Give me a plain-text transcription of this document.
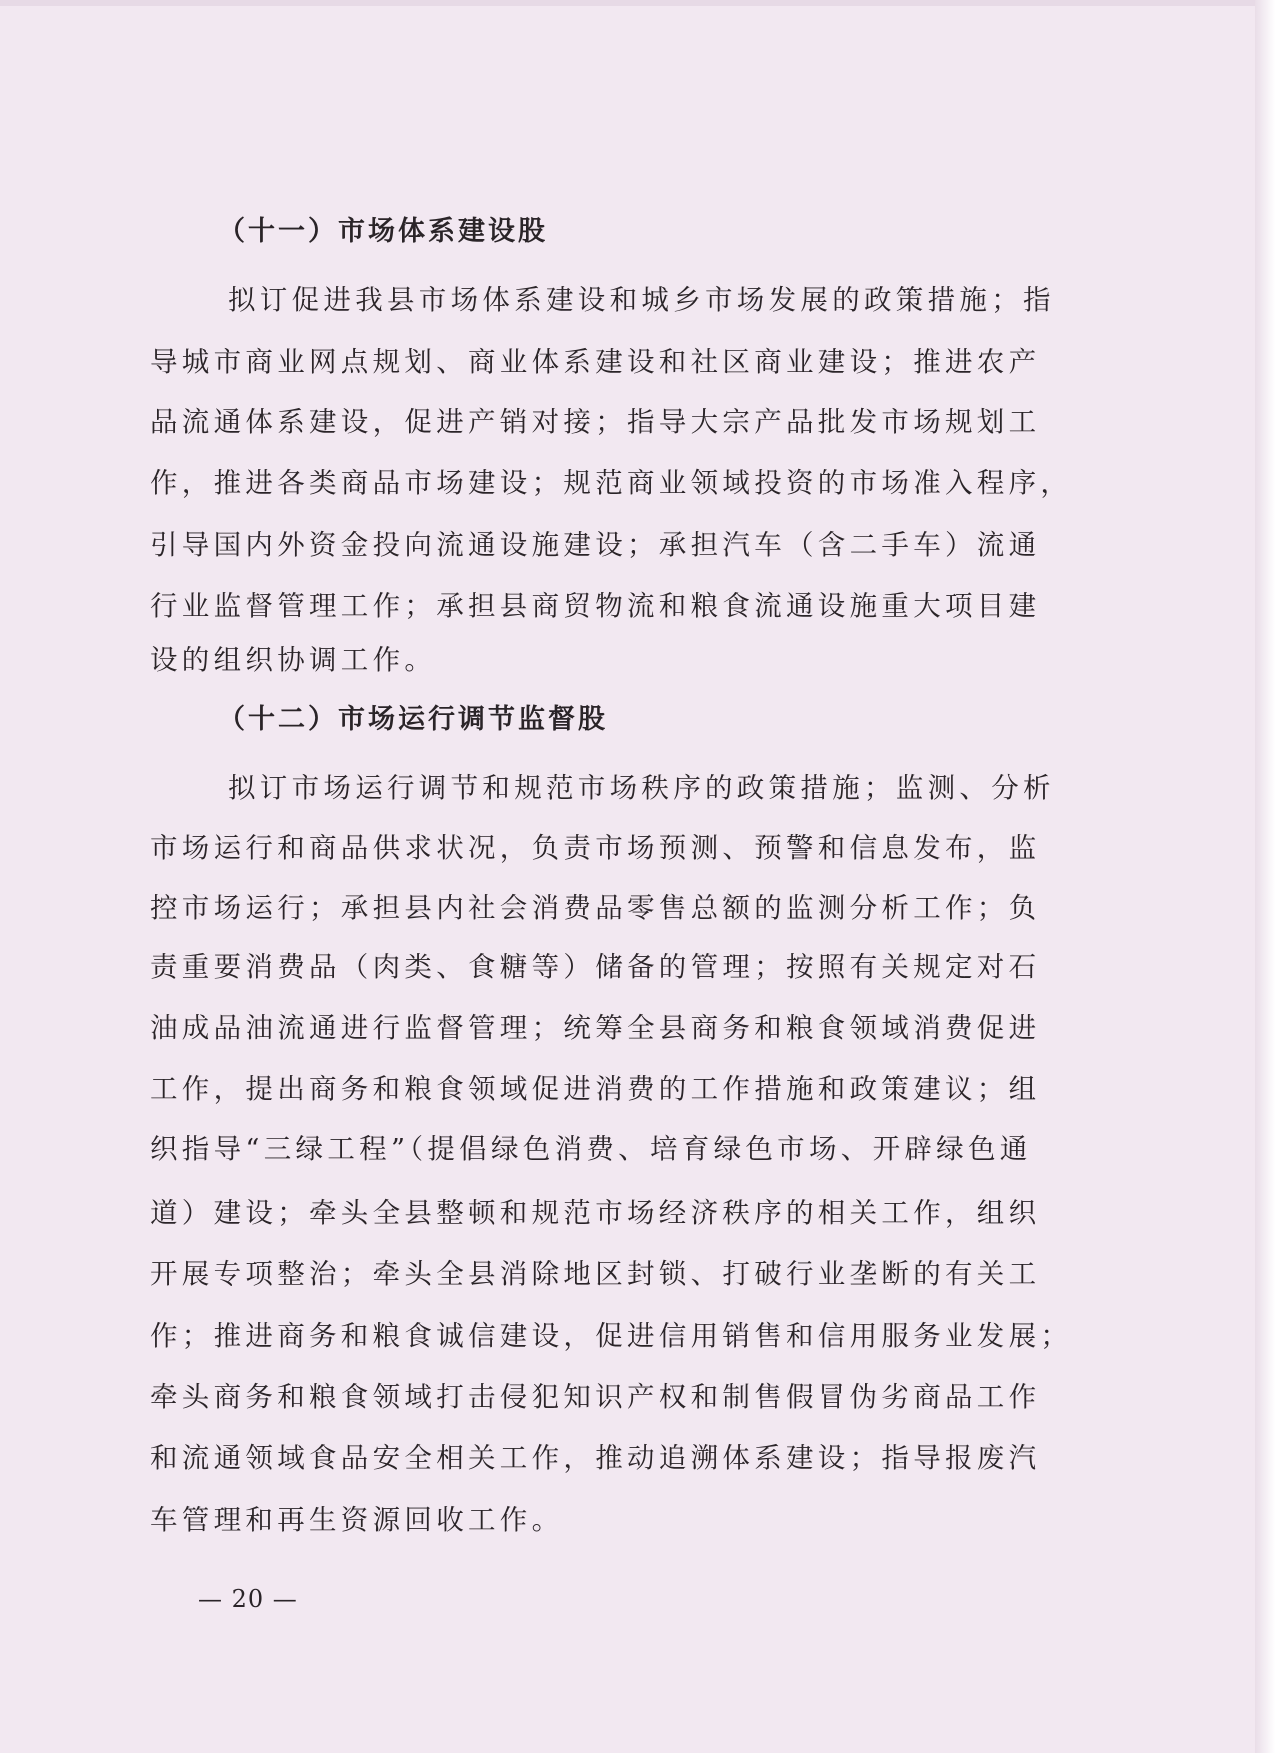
（十一）市场体系建设股
拟订促进我县市场体系建设和城乡市场发展的政策措施；指
导城市商业网点规划、商业体系建设和社区商业建设；推进农产
品流通体系建设，促进产销对接；指导大宗产品批发市场规划工
作，推进各类商品市场建设；规范商业领域投资的市场准入程序，
引导国内外资金投向流通设施建设；承担汽车（含二手车）流通
行业监督管理工作；承担县商贸物流和粮食流通设施重大项目建
设的组织协调工作。
（十二）市场运行调节监督股
拟订市场运行调节和规范市场秩序的政策措施；监测、分析
市场运行和商品供求状况，负责市场预测、预警和信息发布，监
控市场运行；承担县内社会消费品零售总额的监测分析工作；负
责重要消费品（肉类、食糖等）储备的管理；按照有关规定对石
油成品油流通进行监督管理；统筹全县商务和粮食领域消费促进
工作，提出商务和粮食领域促进消费的工作措施和政策建议；组
织指导“三绿工程”（提倡绿色消费、培育绿色市场、开辟绿色通
道）建设；牵头全县整顿和规范市场经济秩序的相关工作，组织
开展专项整治；牵头全县消除地区封锁、打破行业垄断的有关工
作；推进商务和粮食诚信建设，促进信用销售和信用服务业发展；
牵头商务和粮食领域打击侵犯知识产权和制售假冒伪劣商品工作
和流通领域食品安全相关工作，推动追溯体系建设；指导报废汽
车管理和再生资源回收工作。
— 20 —
